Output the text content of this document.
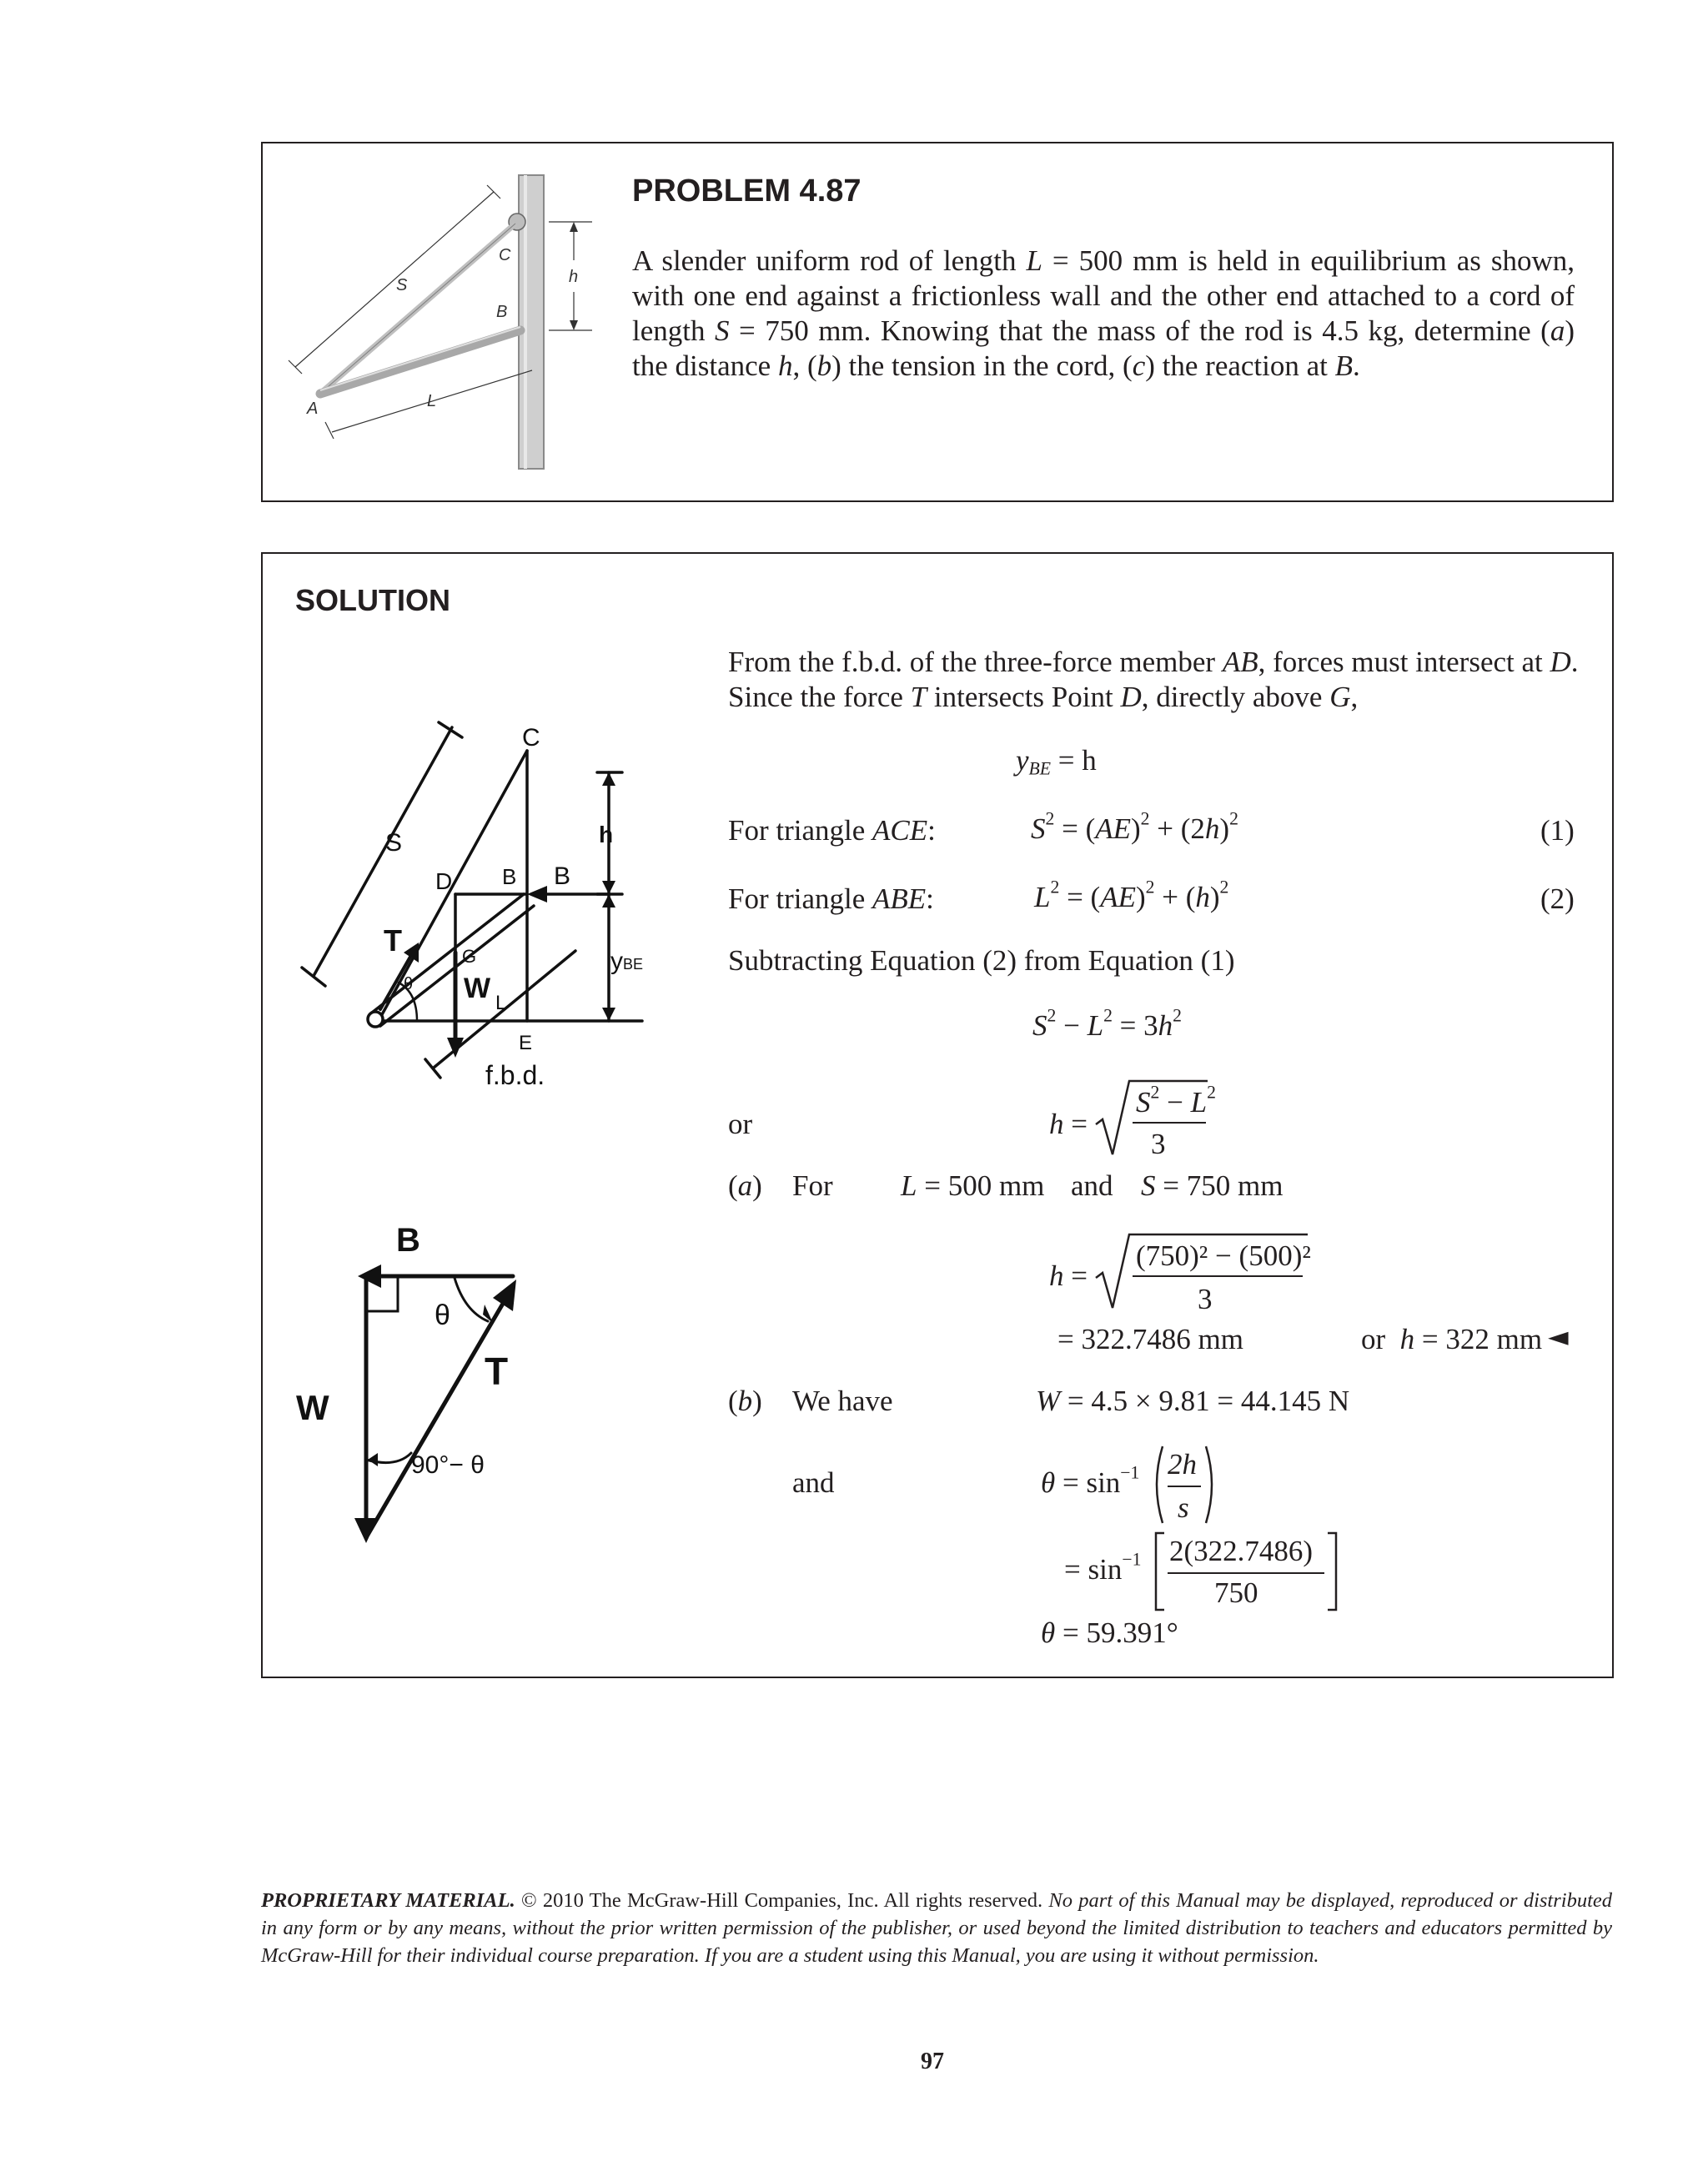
S
L
h
C
B
A
PROBLEM 4.87
A slender uniform rod of length L = 500 mm is held in equilibrium as shown, with one end against a frictionless wall and the other end attached to a cord of length S = 750 mm. Knowing that the mass of the rod is 4.5 kg, determine (a) the distance h, (b) the tension in the cord, (c) the reaction at B.
SOLUTION
C
S	h
D B B
T	G
W
θ
L
yBE
E
f.b.d.
B
θ
T
W
90°− θ
From the f.b.d. of the three-force member AB, forces must intersect at D.
Since the force T intersects Point D, directly above G,
$y_{BE} = h$
For triangle ACE:	$S^2 = (AE)^2 + (2h)^2$	(1)
For triangle ABE:	$L^2 = (AE)^2 + (h)^2$	(2)
Subtracting Equation (2) from Equation (1)
$S^2 - L^2 = 3h^2$
or	h =
$S^2 - L^2$
3
(a) For L = 500 mm and S = 750 mm
h =
(750)² − (500)²
3
= 322.7486 mm	or  h = 322 mm ◄
(b) We have	W = 4.5 × 9.81 = 44.145 N
and	$\theta = \sin^{-1} 2h$
s
= $\sin^{-1} 2(322.7486)$
750
θ = 59.391°
PROPRIETARY MATERIAL. © 2010 The McGraw-Hill Companies, Inc. All rights reserved. No part of this Manual may be displayed, reproduced or distributed in any form or by any means, without the prior written permission of the publisher, or used beyond the limited distribution to teachers and educators permitted by McGraw-Hill for their individual course preparation. If you are a student using this Manual, you are using it without permission.
97
